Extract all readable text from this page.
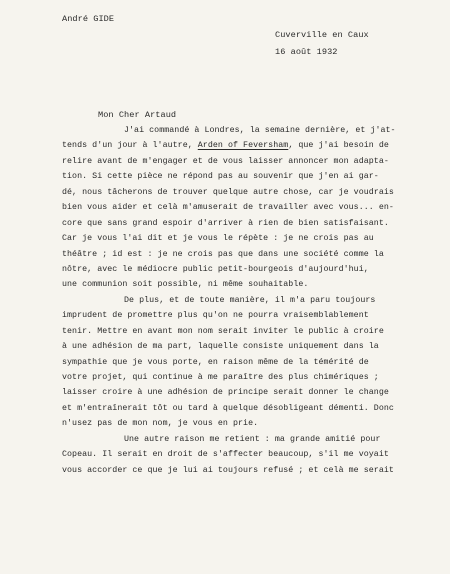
André GIDE
Cuverville en Caux
16 août 1932
Mon Cher Artaud
J'ai commandé à Londres, la semaine dernière, et j'at-
tends d'un jour à l'autre, Arden of Feversham, que j'ai besoin de
relire avant de m'engager et de vous laisser annoncer mon adapta-
tion. Si cette pièce ne répond pas au souvenir que j'en ai gar-
dé, nous tâcherons de trouver quelque autre chose, car je voudrais
bien vous aider et celà m'amuserait de travailler avec vous... en-
core que sans grand espoir d'arriver à rien de bien satisfaisant.
Car je vous l'ai dit et je vous le répète : je ne crois pas au
théâtre ; id est : je ne crois pas que dans une société comme la
nôtre, avec le médiocre public petit-bourgeois d'aujourd'hui,
une communion soit possible, ni même souhaitable.
De plus, et de toute manière, il m'a paru toujours
imprudent de promettre plus qu'on ne pourra vraisemblablement
tenir. Mettre en avant mon nom serait inviter le public à croire
à une adhésion de ma part, laquelle consiste uniquement dans la
sympathie que je vous porte, en raison même de la témérité de
votre projet, qui continue à me paraître des plus chimériques ;
laisser croire à une adhésion de principe serait donner le change
et m'entraînerait tôt ou tard à quelque désobligeant démenti. Donc
n'usez pas de mon nom, je vous en prie.
Une autre raison me retient : ma grande amitié pour
Copeau. Il serait en droit de s'affecter beaucoup, s'il me voyait
vous accorder ce que je lui ai toujours refusé ; et celà me serait
